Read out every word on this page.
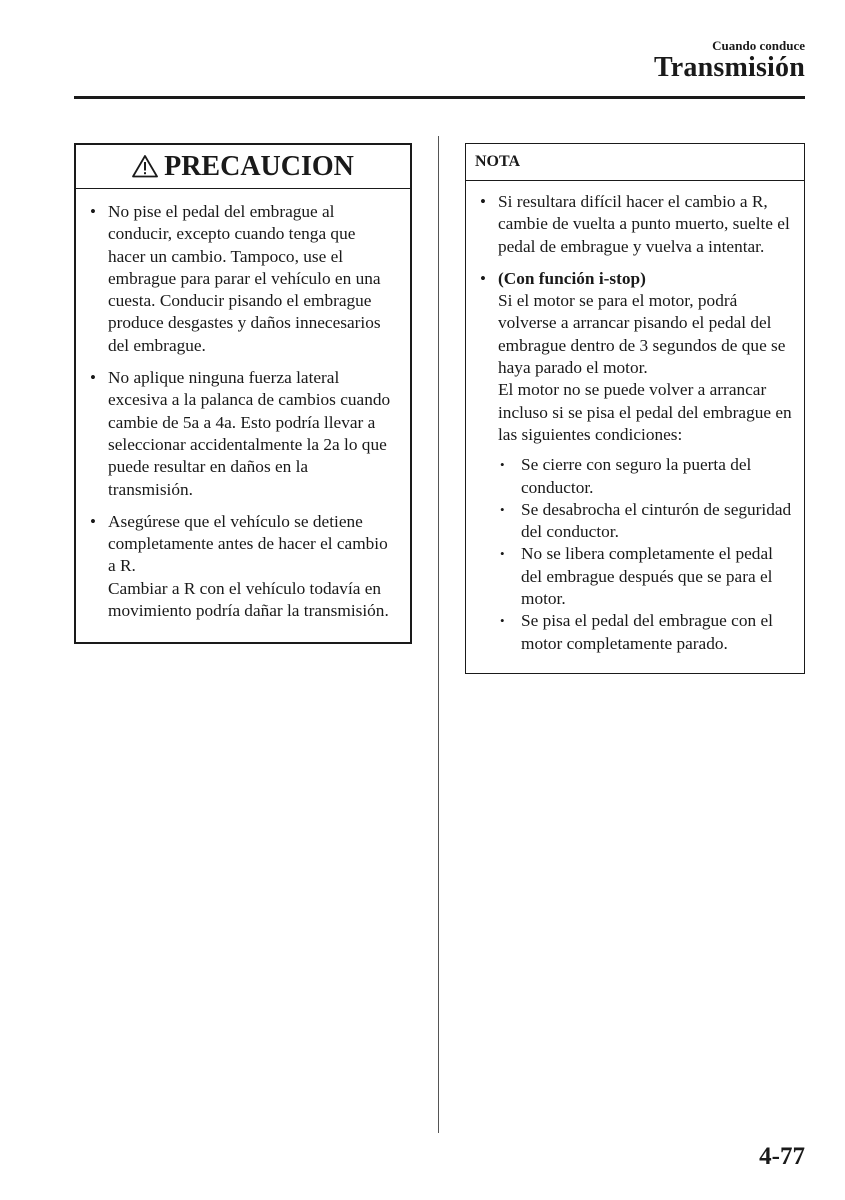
Cuando conduce
Transmisión
PRECAUCION
• No pise el pedal del embrague al conducir, excepto cuando tenga que hacer un cambio. Tampoco, use el embrague para parar el vehículo en una cuesta. Conducir pisando el embrague produce desgastes y daños innecesarios del embrague.
• No aplique ninguna fuerza lateral excesiva a la palanca de cambios cuando cambie de 5a a 4a. Esto podría llevar a seleccionar accidentalmente la 2a lo que puede resultar en daños en la transmisión.
• Asegúrese que el vehículo se detiene completamente antes de hacer el cambio a R.
Cambiar a R con el vehículo todavía en movimiento podría dañar la transmisión.
NOTA
• Si resultara difícil hacer el cambio a R, cambie de vuelta a punto muerto, suelte el pedal de embrague y vuelva a intentar.
• (Con función i-stop)
Si el motor se para el motor, podrá volverse a arrancar pisando el pedal del embrague dentro de 3 segundos de que se haya parado el motor.
El motor no se puede volver a arrancar incluso si se pisa el pedal del embrague en las siguientes condiciones:
• Se cierre con seguro la puerta del conductor.
• Se desabrocha el cinturón de seguridad del conductor.
• No se libera completamente el pedal del embrague después que se para el motor.
• Se pisa el pedal del embrague con el motor completamente parado.
4-77
